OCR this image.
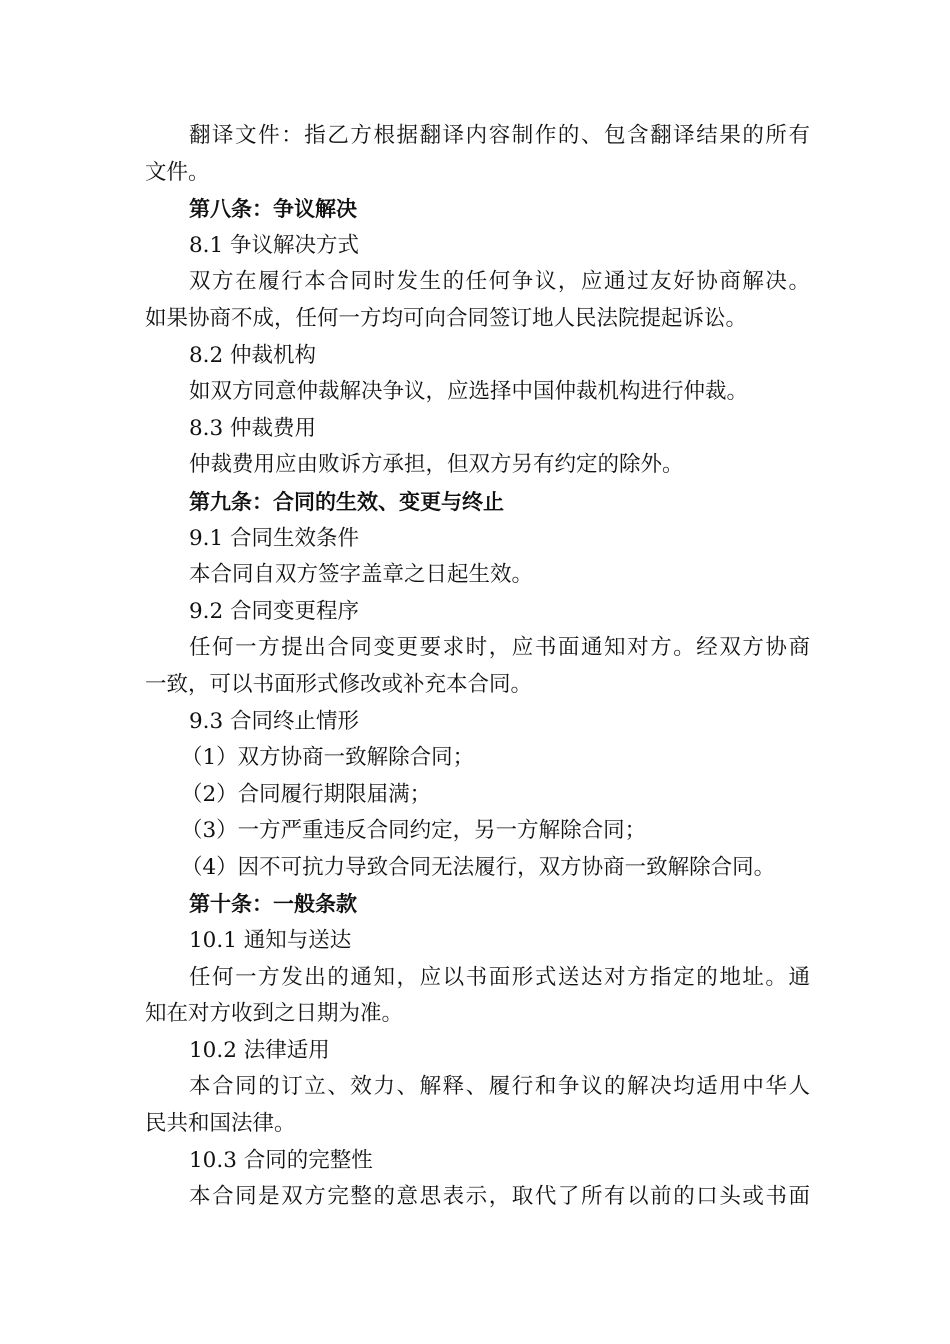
翻译文件：指乙方根据翻译内容制作的、包含翻译结果的所有
文件。
第八条：争议解决
8.1 争议解决方式
双方在履行本合同时发生的任何争议，应通过友好协商解决。
如果协商不成，任何一方均可向合同签订地人民法院提起诉讼。
8.2 仲裁机构
如双方同意仲裁解决争议，应选择中国仲裁机构进行仲裁。
8.3 仲裁费用
仲裁费用应由败诉方承担，但双方另有约定的除外。
第九条：合同的生效、变更与终止
9.1 合同生效条件
本合同自双方签字盖章之日起生效。
9.2 合同变更程序
任何一方提出合同变更要求时，应书面通知对方。经双方协商
一致，可以书面形式修改或补充本合同。
9.3 合同终止情形
（1）双方协商一致解除合同；
（2）合同履行期限届满；
（3）一方严重违反合同约定，另一方解除合同；
（4）因不可抗力导致合同无法履行，双方协商一致解除合同。
第十条：一般条款
10.1 通知与送达
任何一方发出的通知，应以书面形式送达对方指定的地址。通
知在对方收到之日期为准。
10.2 法律适用
本合同的订立、效力、解释、履行和争议的解决均适用中华人
民共和国法律。
10.3 合同的完整性
本合同是双方完整的意思表示，取代了所有以前的口头或书面
